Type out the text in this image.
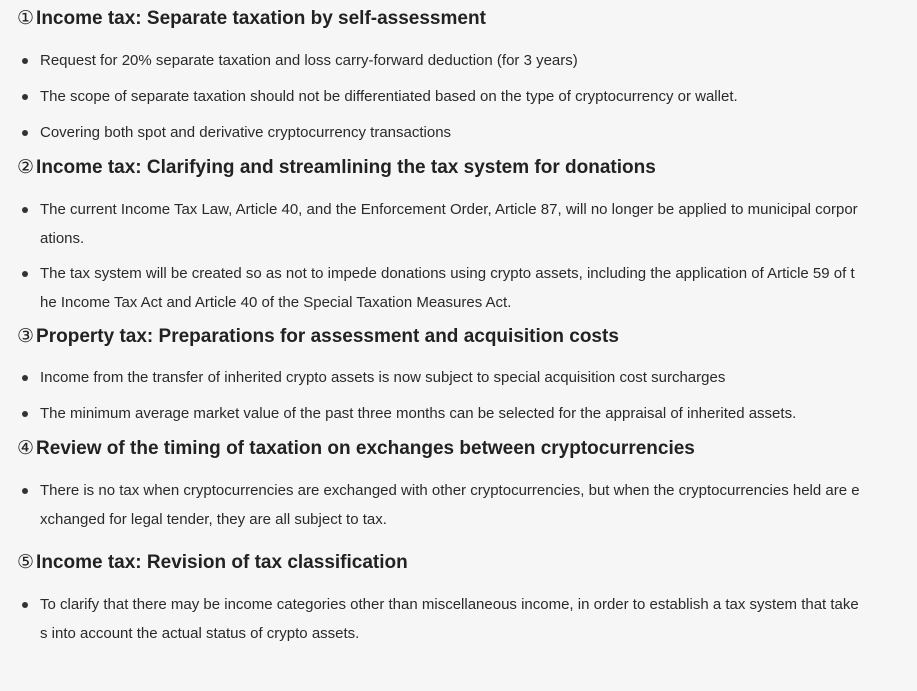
① Income tax: Separate taxation by self-assessment
Request for 20% separate taxation and loss carry-forward deduction (for 3 years)
The scope of separate taxation should not be differentiated based on the type of cryptocurrency or wallet.
Covering both spot and derivative cryptocurrency transactions
② Income tax: Clarifying and streamlining the tax system for donations
The current Income Tax Law, Article 40, and the Enforcement Order, Article 87, will no longer be applied to municipal corporations.
The tax system will be created so as not to impede donations using crypto assets, including the application of Article 59 of the Income Tax Act and Article 40 of the Special Taxation Measures Act.
③ Property tax: Preparations for assessment and acquisition costs
Income from the transfer of inherited crypto assets is now subject to special acquisition cost surcharges
The minimum average market value of the past three months can be selected for the appraisal of inherited assets.
④ Review of the timing of taxation on exchanges between cryptocurrencies
There is no tax when cryptocurrencies are exchanged with other cryptocurrencies, but when the cryptocurrencies held are exchanged for legal tender, they are all subject to tax.
⑤ Income tax: Revision of tax classification
To clarify that there may be income categories other than miscellaneous income, in order to establish a tax system that takes into account the actual status of crypto assets.
